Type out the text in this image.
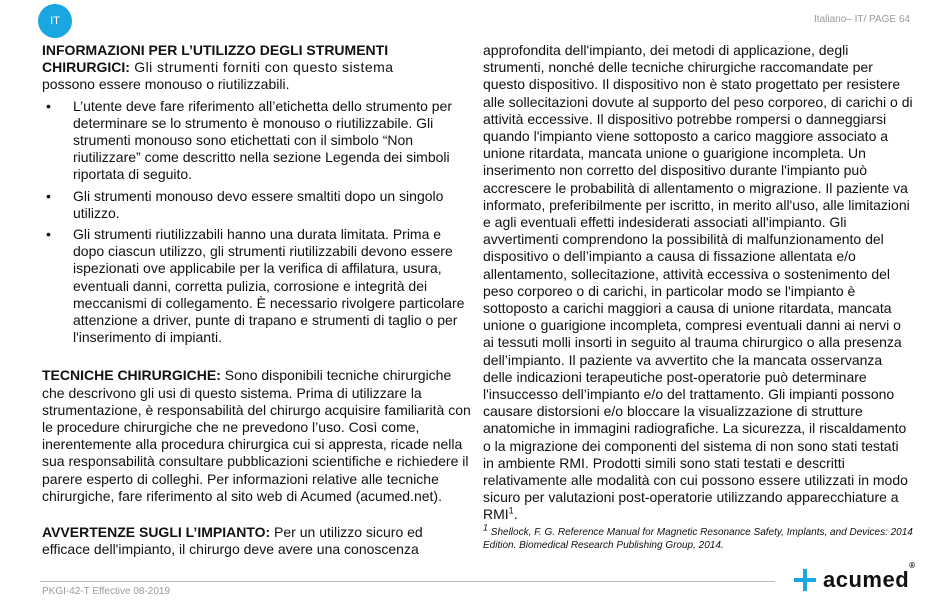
IT	Italiano– IT/ PAGE 64

INFORMAZIONI PER L’UTILIZZO DEGLI STRUMENTI
CHIRURGICI: Gli strumenti forniti con questo sistema
possono essere monouso o riutilizzabili.

• L’utente deve fare riferimento all’etichetta dello strumento per determinare se lo strumento è monouso o riutilizzabile. Gli strumenti monouso sono etichettati con il simbolo “Non riutilizzare” come descritto nella sezione Legenda dei simboli riportata di seguito.
• Gli strumenti monouso devo essere smaltiti dopo un singolo utilizzo.
• Gli strumenti riutilizzabili hanno una durata limitata. Prima e dopo ciascun utilizzo, gli strumenti riutilizzabili devono essere ispezionati ove applicabile per la verifica di affilatura, usura, eventuali danni, corretta pulizia, corrosione e integrità dei meccanismi di collegamento. È necessario rivolgere particolare attenzione a driver, punte di trapano e strumenti di taglio o per l'inserimento di impianti.

TECNICHE CHIRURGICHE: Sono disponibili tecniche chirurgiche che descrivono gli usi di questo sistema. Prima di utilizzare la strumentazione, è responsabilità del chirurgo acquisire familiarità con le procedure chirurgiche che ne prevedono l’uso. Così come, inerentemente alla procedura chirurgica cui si appresta, ricade nella sua responsabilità consultare pubblicazioni scientifiche e richiedere il parere esperto di colleghi. Per informazioni relative alle tecniche chirurgiche, fare riferimento al sito web di Acumed (acumed.net).

AVVERTENZE SUGLI L’IMPIANTO: Per un utilizzo sicuro ed efficace dell'impianto, il chirurgo deve avere una conoscenza

approfondita dell'impianto, dei metodi di applicazione, degli strumenti, nonché delle tecniche chirurgiche raccomandate per questo dispositivo. Il dispositivo non è stato progettato per resistere alle sollecitazioni dovute al supporto del peso corporeo, di carichi o di attività eccessive. Il dispositivo potrebbe rompersi o danneggiarsi quando l'impianto viene sottoposto a carico maggiore associato a unione ritardata, mancata unione o guarigione incompleta. Un inserimento non corretto del dispositivo durante l'impianto può accrescere le probabilità di allentamento o migrazione. Il paziente va informato, preferibilmente per iscritto, in merito all'uso, alle limitazioni e agli eventuali effetti indesiderati associati all'impianto. Gli avvertimenti comprendono la possibilità di malfunzionamento del dispositivo o dell’impianto a causa di fissazione allentata e/o allentamento, sollecitazione, attività eccessiva o sostenimento del peso corporeo o di carichi, in particolar modo se l'impianto è sottoposto a carichi maggiori a causa di unione ritardata, mancata unione o guarigione incompleta, compresi eventuali danni ai nervi o ai tessuti molli insorti in seguito al trauma chirurgico o alla presenza dell’impianto. Il paziente va avvertito che la mancata osservanza delle indicazioni terapeutiche post-operatorie può determinare l'insuccesso dell’impianto e/o del trattamento. Gli impianti possono causare distorsioni e/o bloccare la visualizzazione di strutture anatomiche in immagini radiografiche. La sicurezza, il riscaldamento o la migrazione dei componenti del sistema di non sono stati testati in ambiente RMI. Prodotti simili sono stati testati e descritti relativamente alle modalità con cui possono essere utilizzati in modo sicuro per valutazioni post-operatorie utilizzando apparecchiature a RMI$^1$.

$^1$ Shellock, F. G. Reference Manual for Magnetic Resonance Safety, Implants, and Devices: 2014 Edition. Biomedical Research Publishing Group, 2014.

PKGI-42-T Effective 08-2019	acumed®
